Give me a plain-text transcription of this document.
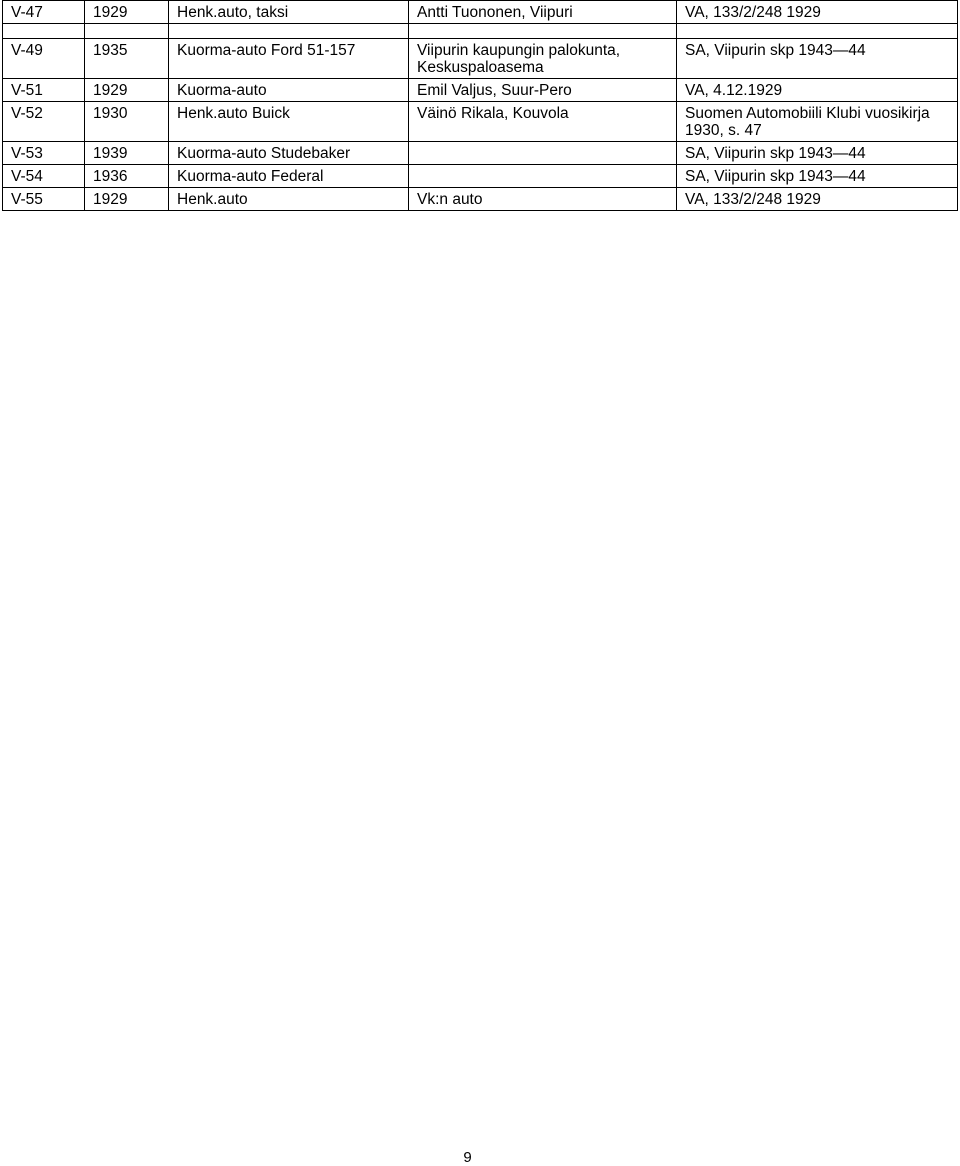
V-47	1929	Henk.auto, taksi	Antti Tuononen, Viipuri	VA, 133/2/248 1929

V-49	1935	Kuorma-auto Ford 51-157	Viipurin kaupungin palokunta, Keskuspaloasema	SA, Viipurin skp 1943—44
V-51	1929	Kuorma-auto	Emil Valjus, Suur-Pero	VA, 4.12.1929
V-52	1930	Henk.auto Buick	Väinö Rikala, Kouvola	Suomen Automobiili Klubi vuosikirja 1930, s. 47
V-53	1939	Kuorma-auto Studebaker		SA, Viipurin skp 1943—44
V-54	1936	Kuorma-auto Federal		SA, Viipurin skp 1943—44
V-55	1929	Henk.auto	Vk:n auto	VA, 133/2/248 1929
9
